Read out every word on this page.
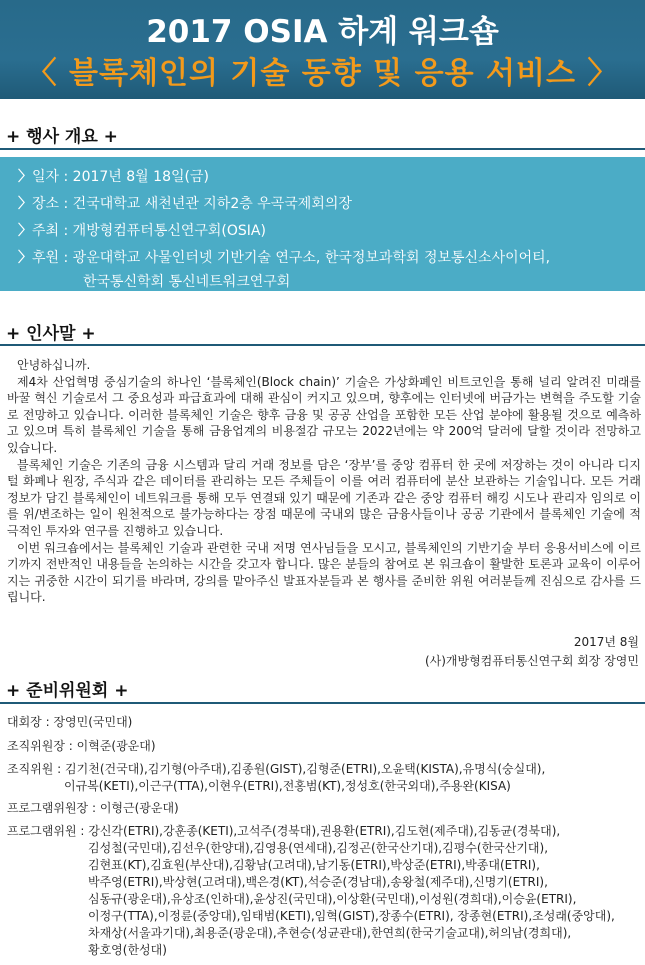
2017 OSIA 하계 워크숍
〈 블록체인의 기술 동향 및 응용 서비스 〉
+ 행사 개요 +
〉일자 : 2017년 8월 18일(금)
〉장소 : 건국대학교 새천년관 지하2층 우곡국제회의장
〉주최 : 개방형컴퓨터통신연구회(OSIA)
〉후원 : 광운대학교 사물인터넷 기반기술 연구소, 한국정보과학회 정보통신소사이어티,
한국통신학회 통신네트워크연구회
+ 인사말 +

안녕하십니까.

제4차 산업혁명 중심기술의 하나인 ‘블록체인(Block chain)’ 기술은 가상화폐인 비트코인을 통해 널리 알려진 미래를 바꿀 혁신 기술로서 그 중요성과 파급효과에 대해 관심이 커지고 있으며, 향후에는 인터넷에 버금가는 변혁을 주도할 기술로 전망하고 있습니다. 이러한 블록체인 기술은 향후 금융 및 공공 산업을 포함한 모든 산업 분야에 활용될 것으로 예측하고 있으며 특히 블록체인 기술을 통해 금융업계의 비용절감 규모는 2022년에는 약 200억 달러에 달할 것이라 전망하고 있습니다.

블록체인 기술은 기존의 금융 시스템과 달리 거래 정보를 담은 ‘장부’를 중앙 컴퓨터 한 곳에 저장하는 것이 아니라 디지털 화폐나 원장, 주식과 같은 데이터를 관리하는 모든 주체들이 이를 여러 컴퓨터에 분산 보관하는 기술입니다. 모든 거래 정보가 담긴 블록체인이 네트워크를 통해 모두 연결돼 있기 때문에 기존과 같은 중앙 컴퓨터 해킹 시도나 관리자 임의로 이를 위/변조하는 일이 원천적으로 불가능하다는 장점 때문에 국내외 많은 금융사들이나 공공 기관에서 블록체인 기술에 적극적인 투자와 연구를 진행하고 있습니다.

이번 워크숍에서는 블록체인 기술과 관련한 국내 저명 연사님들을 모시고, 블록체인의 기반기술 부터 응용서비스에 이르기까지 전반적인 내용들을 논의하는 시간을 갖고자 합니다. 많은 분들의 참여로 본 워크숍이 활발한 토론과 교육이 이루어지는 귀중한 시간이 되기를 바라며, 강의를 맡아주신 발표자분들과 본 행사를 준비한 위원 여러분들께 진심으로 감사를 드립니다.

2017년 8월
(사)개방형컴퓨터통신연구회 회장 장영민
+ 준비위원회 +
대회장 : 장영민(국민대)
조직위원장 : 이혁준(광운대)
조직위원 : 김기천(건국대),김기형(아주대),김종원(GIST),김형준(ETRI),오윤택(KISTA),유명식(숭실대),
이규복(KETI),이근구(TTA),이현우(ETRI),전홍범(KT),정성호(한국외대),주용완(KISA)
프로그램위원장 : 이형근(광운대)
프로그램위원 : 강신각(ETRI),강훈종(KETI),고석주(경북대),권용환(ETRI),김도현(제주대),김동균(경북대),
김성철(국민대),김선우(한양대),김영용(연세대),김정곤(한국산기대),김평수(한국산기대),
김현표(KT),김효원(부산대),김황남(고려대),남기동(ETRI),박상준(ETRI),박종대(ETRI),
박주영(ETRI),박상현(고려대),백은경(KT),석승준(경남대),송왕철(제주대),신명기(ETRI),
심동규(광운대),유상조(인하대),윤상진(국민대),이상환(국민대),이성원(경희대),이승윤(ETRI),
이정구(TTA),이정륜(중앙대),임태범(KETI),임혁(GIST),장종수(ETRI), 장종현(ETRI),조성래(중앙대),
차재상(서울과기대),최용준(광운대),추현승(성균관대),한연희(한국기술교대),허의남(경희대),
황호영(한성대)
